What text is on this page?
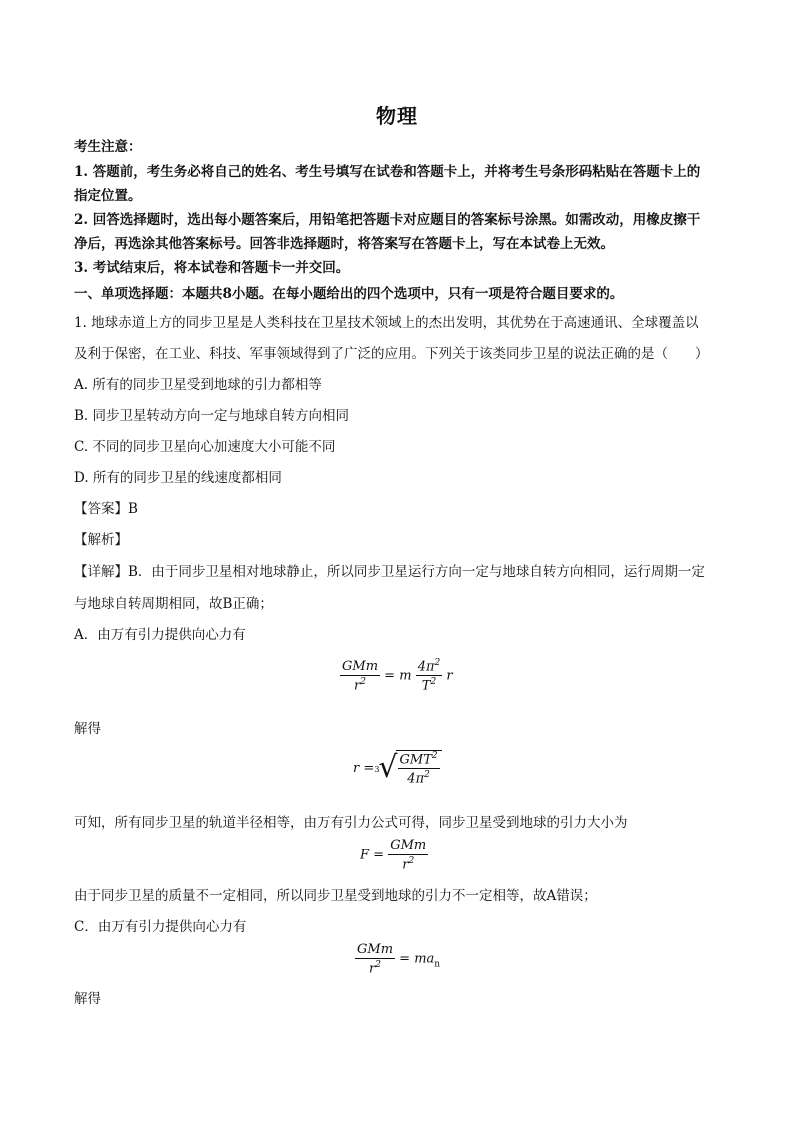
物理
考生注意：
1. 答题前，考生务必将自己的姓名、考生号填写在试卷和答题卡上，并将考生号条形码粘贴在答题卡上的
指定位置。
2. 回答选择题时，选出每小题答案后，用铅笔把答题卡对应题目的答案标号涂黑。如需改动，用橡皮擦干
净后，再选涂其他答案标号。回答非选择题时，将答案写在答题卡上，写在本试卷上无效。
3. 考试结束后，将本试卷和答题卡一并交回。
一、单项选择题：本题共8小题。在每小题给出的四个选项中，只有一项是符合题目要求的。
1. 地球赤道上方的同步卫星是人类科技在卫星技术领域上的杰出发明，其优势在于高速通讯、全球覆盖以
及利于保密，在工业、科技、军事领域得到了广泛的应用。下列关于该类同步卫星的说法正确的是（　　）
A. 所有的同步卫星受到地球的引力都相等
B. 同步卫星转动方向一定与地球自转方向相同
C. 不同的同步卫星向心加速度大小可能不同
D. 所有的同步卫星的线速度都相同
【答案】B
【解析】
【详解】B．由于同步卫星相对地球静止，所以同步卫星运行方向一定与地球自转方向相同，运行周期一定
与地球自转周期相同，故B正确；
A．由万有引力提供向心力有
$\frac{\text{GMm}}{r^2} = m \frac{4\pi^2}{T^2}$ r
解得
r = 3
√ $\frac{GMT^2}{4\pi^2}$
可知，所有同步卫星的轨道半径相等，由万有引力公式可得，同步卫星受到地球的引力大小为
$F = \frac{\text{GMm}}{r^2}$
由于同步卫星的质量不一定相同，所以同步卫星受到地球的引力不一定相等，故A错误；
C．由万有引力提供向心力有
$\frac{\text{GMm}}{r^2} = ma_n$
解得
